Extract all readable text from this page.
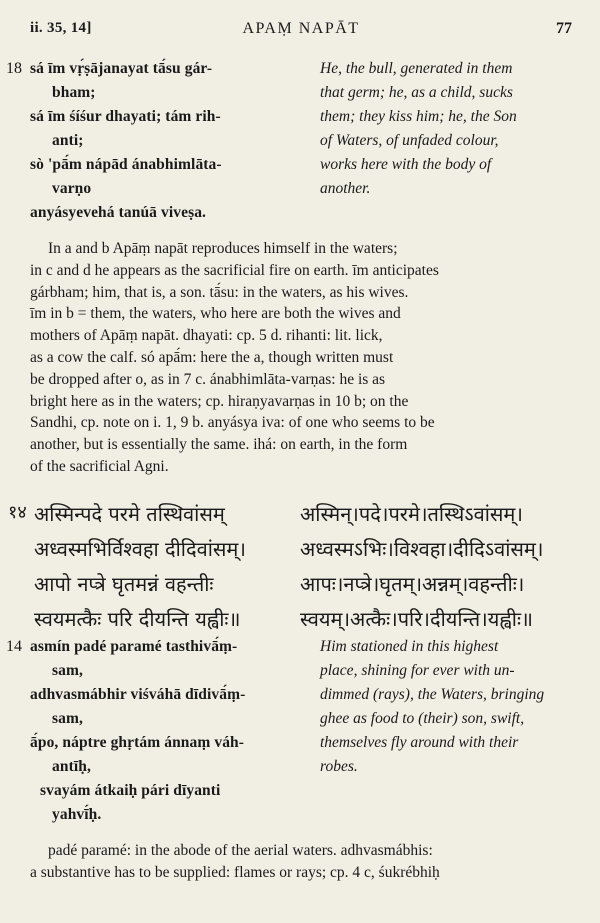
ii. 35, 14]	APAṂ NAPĀT	77
18 sá īm vṛ́ṣājanayat tā́su gár-	He, the bull, generated in them
bham;	that germ; he, as a child, sucks
sá īm śíśur dhayati; tám rih-	them; they kiss him; he, the Son
anti;	of Waters, of unfaded colour,
sò 'pā́m nápād ánabhimlāta-	works here with the body of
varṇo	another.
anyásyevehá tanúā viveṣa.
In a and b Apāṃ napāt reproduces himself in the waters;
in c and d he appears as the sacrificial fire on earth. īm anticipates
gárbham; him, that is, a son. tā́su: in the waters, as his wives.
īm in b = them, the waters, who here are both the wives and
mothers of Apāṃ napāt. dhayati: cp. 5 d. rihanti: lit. lick,
as a cow the calf. só apā́m: here the a, though written must
be dropped after o, as in 7 c. ánabhimlāta-varṇas: he is as
bright here as in the waters; cp. hiraṇyavarṇas in 10 b; on the
Sandhi, cp. note on i. 1, 9 b. anyásya iva: of one who seems to be
another, but is essentially the same. ihá: on earth, in the form
of the sacrificial Agni.
१४ अस्मिन्पदे परमे तस्थिवांसम्	अस्मिन्।पदे।परमे।तस्थिऽवांसम्।
अध्वस्मभिर्विश्वहा दीदिवांसम्।	अध्वस्मऽभिः।विश्वहा।दीदिऽवांसम्।
आपो नप्त्रे घृतमन्नं वहन्तीः	आपः।नप्त्रे।घृतम्।अन्नम्।वहन्तीः।
स्वयमत्कैः परि दीयन्ति यह्वीः॥	स्वयम्।अत्कैः।परि।दीयन्ति।यह्वीः॥
14 asmín padé paramé tasthivā́ṃ-	Him stationed in this highest
sam,	place, shining for ever with un-
adhvasmábhir viśváhā dīdivā́ṃ-	dimmed (rays), the Waters, bringing
sam,	ghee as food to (their) son, swift,
ā́po, náptre ghṛtám ánnaṃ váh-	themselves fly around with their
antīḥ,	robes.
svayám átkaiḥ pári dīyanti
yahvī́ḥ.
padé paramé: in the abode of the aerial waters. adhvasmábhis:
a substantive has to be supplied: flames or rays; cp. 4 c, śukrébhiḥ
